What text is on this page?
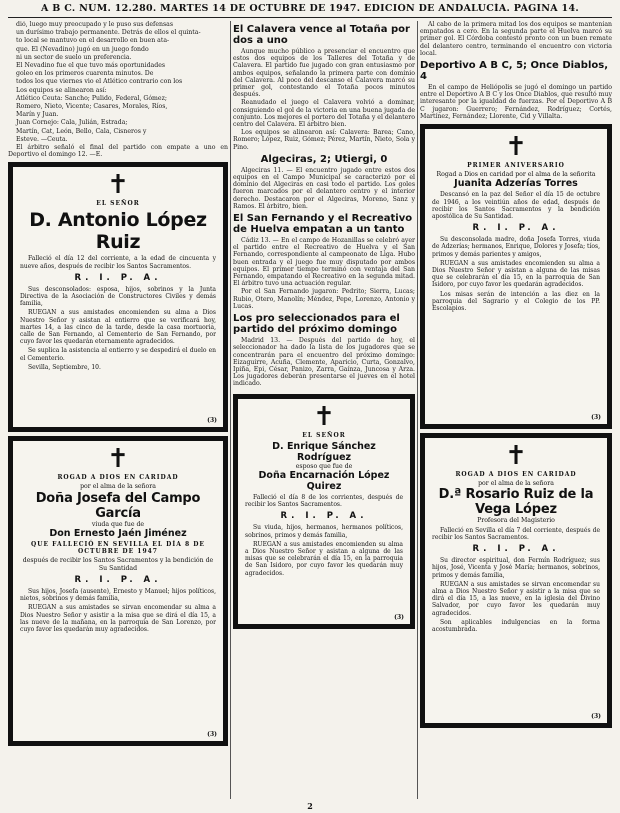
A B C. NÚM. 12.280. MARTES 14 DE OCTUBRE DE 1947. EDICIÓN DE ANDALUCÍA. PÁGINA 14.

dió, luego muy preocupado y le puso sus defensas

un durísimo trabajo permanente. Detrás de ellos el quinta-

to local se mantuvo en el desarrollo en buen ata-

que. El (Nevadino) jugó en un juego fondo

ni un sector de suelo un preferencia.

El Nevadino fue el que tuvo más oportunidades

goleo en los primeros cuarenta minutos. De

todos los que viernes vio el Atlético contrario con los

Los equipos se alinearon así:

Atlético Ceuta: Sancho; Pulido, Federal, Gómez;

Romero, Nieto, Vicente; Casares, Morales, Ríos,

Marín y Juan.

Juan Cornejo: Cala, Julián, Estrada;

Martín, Cat, León, Bello, Cala, Cisneros y

Esteve. —Ceuta.

El árbitro señaló el final del partido con empate a uno en Deportivo el domingo 12. —E.

✝
EL SEÑOR
D. Antonio López Ruiz
Falleció el día 12 del corriente, a la edad de cincuenta y nueve años, después de recibir los Santos Sacramentos.
R. I. P. A.
Sus desconsolados: esposa, hijos, sobrinos y la Junta Directiva de la Asociación de Constructores Civiles y demás familia,
RUEGAN a sus amistades encomienden su alma a Dios Nuestro Señor y asistan al entierro que se verificará hoy, martes 14, a las cinco de la tarde, desde la casa mortuoria, calle de San Fernando, al Cementerio de San Fernando, por cuyo favor les quedarán eternamente agradecidos.
Se suplica la asistencia al entierro y se despedirá el duelo en el Cementerio.
Sevilla, Septiembre, 10.
(3)
✝
ROGAD A DIOS EN CARIDAD
por el alma de la señora
Doña Josefa del Campo García
viuda que fue de
Don Ernesto Jaén Jiménez
QUE FALLECIÓ EN SEVILLA EL DÍA 8 DE OCTUBRE DE 1947
después de recibir los Santos Sacramentos y la bendición de Su Santidad
R. I. P. A.
Sus hijos, Josefa (ausente), Ernesto y Manuel; hijos políticos, nietos, sobrinos y demás familia,
RUEGAN a sus amistades se sirvan encomendar su alma a Dios Nuestro Señor y asistir a la misa que se dirá el día 15, a las nueve de la mañana, en la parroquia de San Lorenzo, por cuyo favor les quedarán muy agradecidos.
(3)
El Calavera vence al Totaña por dos a uno

Aunque mucho público a presenciar el encuentro que estos dos equipos de los Talleres del Totaña y de Calavera. El partido fue jugado con gran entusiasmo por ambos equipos, señalando la primera parte con dominio del Calavera. Al poco del descanso el Calavera marcó su primer gol, contestando el Totaña pocos minutos después.

Reanudado el juego el Calavera volvió a dominar, consiguiendo el gol de la victoria en una buena jugada de conjunto. Los mejores el portero del Totaña y el delantero centro del Calavera. El árbitro bien.

Los equipos se alinearon así: Calavera: Barea; Cano, Romero; López, Ruiz, Gómez; Pérez, Martín, Nieto, Sola y Pino.

Algeciras, 2; Utiergi, 0

Algeciras 11. — El encuentro jugado entre estos dos equipos en el Campo Municipal se caracterizó por el dominio del Algeciras en casi todo el partido. Los goles fueron marcados por el delantero centro y el interior derecho. Destacaron por el Algeciras, Moreno, Sanz y Ramos. El árbitro, bien.

El San Fernando y el Recreativo de Huelva empatan a un tanto

Cádiz 13. — En el campo de Hozanillas se celebró ayer el partido entre el Recreativo de Huelva y el San Fernando, correspondiente al campeonato de Liga. Hubo buen entrada y el juego fue muy disputado por ambos equipos. El primer tiempo terminó con ventaja del San Fernando, empatando el Recreativo en la segunda mitad. El árbitro tuvo una actuación regular.

Por el San Fernando jugaron: Pedrito; Sierra, Lucas; Rubio, Otero, Manolín; Méndez, Pepe, Lorenzo, Antonio y Lucas.

Los pro seleccionados para el partido del próximo domingo

Madrid 13. — Después del partido de hoy, el seleccionador ha dado la lista de los jugadores que se concentrarán para el encuentro del próximo domingo: Eizaguirre, Acuña, Clemente, Aparicio, Curta, Gonzalvo, Ipiña, Epi, César, Panizo, Zarra, Gaínza, Juncosa y Arza. Los jugadores deberán presentarse el jueves en el hotel indicado.

✝
EL SEÑOR
D. Enrique Sánchez Rodríguez
esposo que fue de
Doña Encarnación López Quirez
Falleció el día 8 de los corrientes, después de recibir los Santos Sacramentos.
R. I. P. A.
Su viuda, hijos, hermanos, hermanos políticos, sobrinos, primos y demás familia,
RUEGAN a sus amistades encomienden su alma a Dios Nuestro Señor y asistan a alguna de las misas que se celebrarán el día 15, en la parroquia de San Isidoro, por cuyo favor les quedarán muy agradecidos.
(3)

Al cabo de la primera mitad los dos equipos se mantenían empatados a cero. En la segunda parte el Huelva marcó su primer gol. El Córdoba contestó pronto con un buen remate del delantero centro, terminando el encuentro con victoria local.

Deportivo A B C, 5; Once Diablos, 4

En el campo de Heliópolis se jugó el domingo un partido entre el Deportivo A B C y los Once Diablos, que resultó muy interesante por la igualdad de fuerzas. Por el Deportivo A B C jugaron: Guerrero; Fernández, Rodríguez; Cortés, Martínez, Fernández; Llorente, Cid y Villalta.

✝
PRIMER ANIVERSARIO
Rogad a Dios en caridad por el alma de la señorita
Juanita Adzerías Torres
Descansó en la paz del Señor el día 15 de octubre de 1946, a los veintiún años de edad, después de recibir los Santos Sacramentos y la bendición apostólica de Su Santidad.
R. I. P. A.
Su desconsolada madre, doña Josefa Torres, viuda de Adzerías; hermanos, Enrique, Dolores y Josefa; tíos, primos y demás parientes y amigos,
RUEGAN a sus amistades encomienden su alma a Dios Nuestro Señor y asistan a alguna de las misas que se celebrarán el día 15, en la parroquia de San Isidoro, por cuyo favor les quedarán agradecidos.
Los misas serán de intención a las diez en la parroquia del Sagrario y el Colegio de los PP. Escolapios.
(3)
✝
ROGAD A DIOS EN CARIDAD
por el alma de la señora
D.ª Rosario Ruiz de la Vega López
Profesora del Magisterio
Falleció en Sevilla el día 7 del corriente, después de recibir los Santos Sacramentos.
R. I. P. A.
Su director espiritual, don Fermín Rodríguez; sus hijos, José, Vicenta y José María; hermanos, sobrinos, primos y demás familia,
RUEGAN a sus amistades se sirvan encomendar su alma a Dios Nuestro Señor y asistir a la misa que se dirá el día 15, a las nueve, en la iglesia del Divino Salvador, por cuyo favor les quedarán muy agradecidos.
Son aplicables indulgencias en la forma acostumbrada.
(3)
2
